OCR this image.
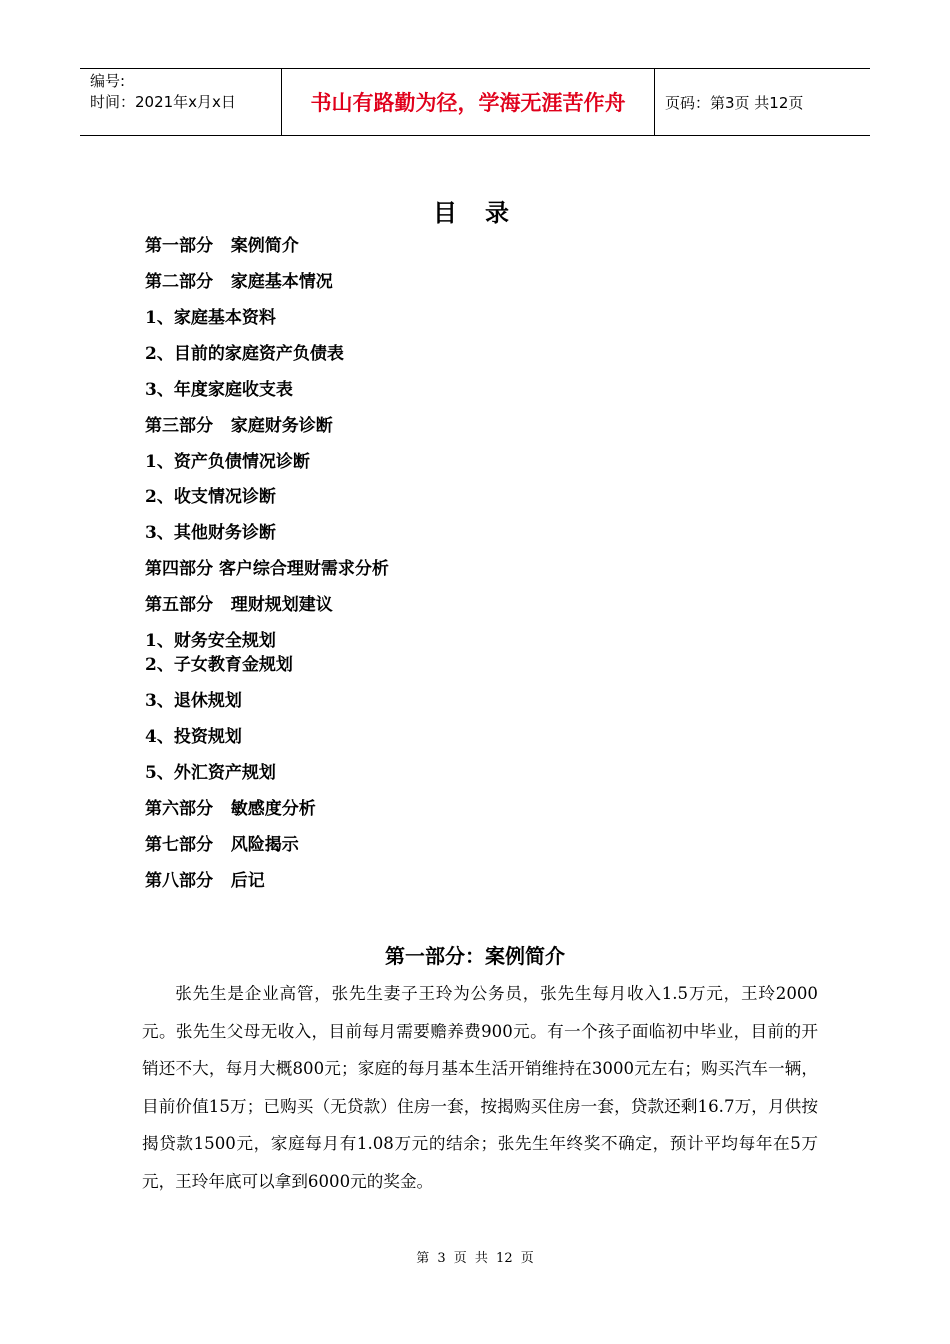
编号:
时间：2021年x月x日	书山有路勤为径，学海无涯苦作舟	页码：第3页 共12页
目录
第一部分   案例简介
第二部分   家庭基本情况
1、家庭基本资料
2、目前的家庭资产负债表
3、年度家庭收支表
第三部分   家庭财务诊断
1、资产负债情况诊断
2、收支情况诊断
3、其他财务诊断
第四部分 客户综合理财需求分析
第五部分   理财规划建议
1、财务安全规划
2、子女教育金规划
3、退休规划
4、投资规划
5、外汇资产规划
第六部分   敏感度分析
第七部分   风险揭示
第八部分   后记
第一部分：案例简介

张先生是企业高管，张先生妻子王玲为公务员，张先生每月收入1.5万元，王玲2000元。张先生父母无收入，目前每月需要赡养费900元。有一个孩子面临初中毕业，目前的开销还不大，每月大概800元；家庭的每月基本生活开销维持在3000元左右；购买汽车一辆，目前价值15万；已购买（无贷款）住房一套，按揭购买住房一套，贷款还剩16.7万，月供按揭贷款1500元，家庭每月有1.08万元的结余；张先生年终奖不确定，预计平均每年在5万元，王玲年底可以拿到6000元的奖金。

第 3 页 共 12 页
